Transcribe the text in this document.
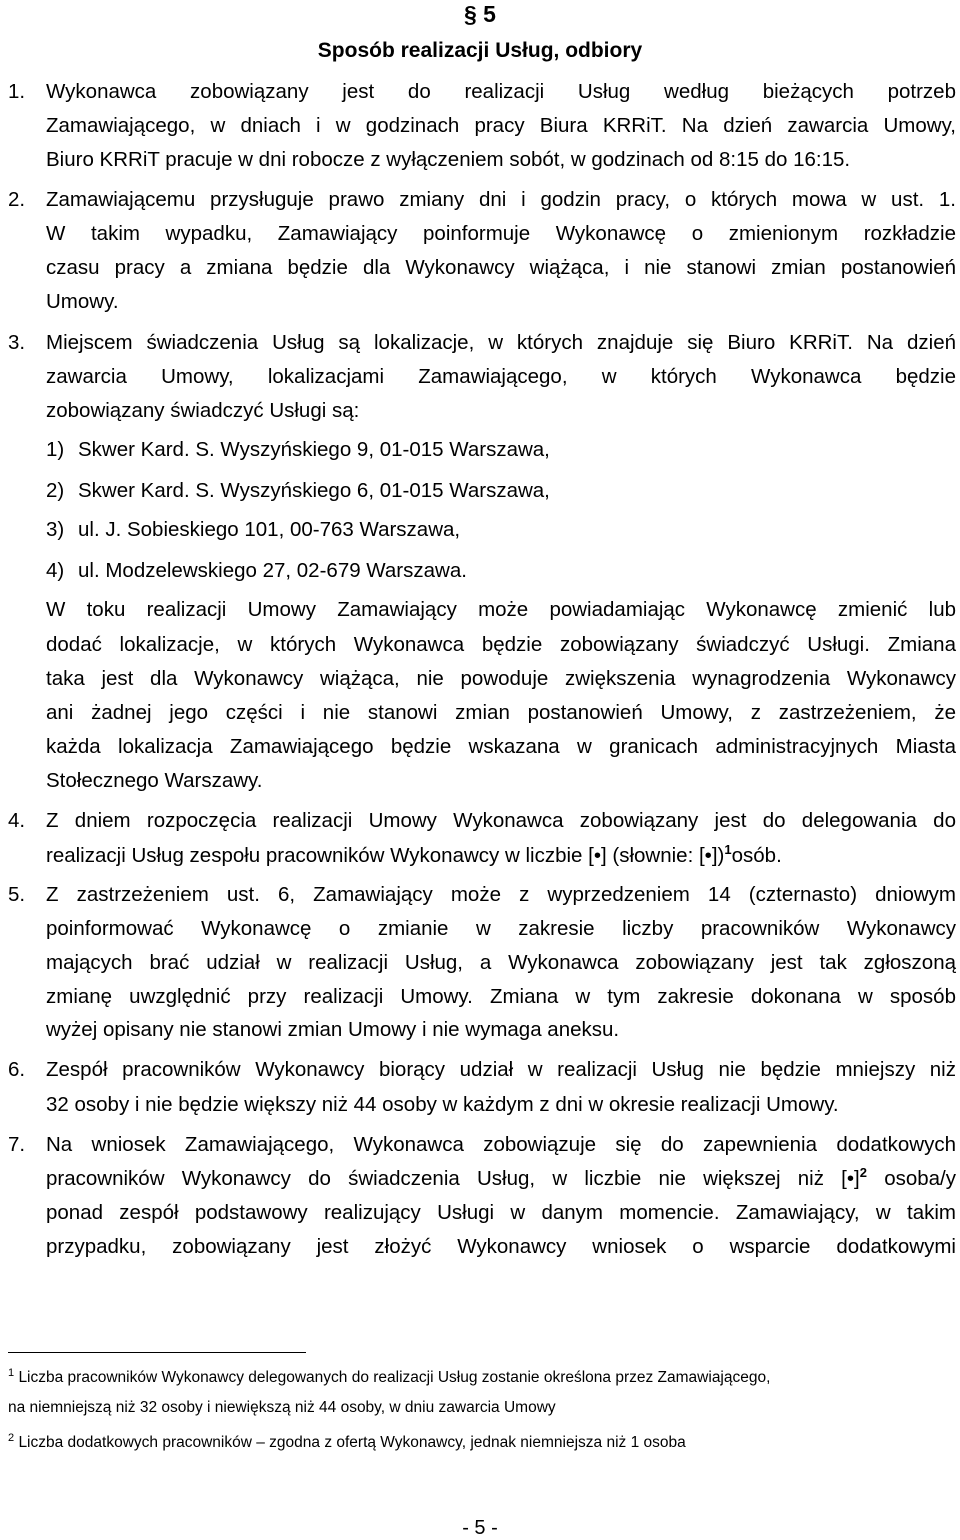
§ 5
Sposób realizacji Usług, odbiory
1. Wykonawca zobowiązany jest do realizacji Usług według bieżących potrzeb
Zamawiającego, w dniach i w godzinach pracy Biura KRRiT. Na dzień zawarcia Umowy,
Biuro KRRiT pracuje w dni robocze z wyłączeniem sobót, w godzinach od 8:15 do 16:15.
2. Zamawiającemu przysługuje prawo zmiany dni i godzin pracy, o których mowa w ust. 1.
W takim wypadku, Zamawiający poinformuje Wykonawcę o zmienionym rozkładzie
czasu pracy a zmiana będzie dla Wykonawcy wiążąca, i nie stanowi zmian postanowień
Umowy.
3. Miejscem świadczenia Usług są lokalizacje, w których znajduje się Biuro KRRiT. Na dzień
zawarcia Umowy, lokalizacjami Zamawiającego, w których Wykonawca będzie
zobowiązany świadczyć Usługi są:
1) Skwer Kard. S. Wyszyńskiego 9, 01-015 Warszawa,
2) Skwer Kard. S. Wyszyńskiego 6, 01-015 Warszawa,
3) ul. J. Sobieskiego 101, 00-763 Warszawa,
4) ul. Modzelewskiego 27, 02-679 Warszawa.
W toku realizacji Umowy Zamawiający może powiadamiając Wykonawcę zmienić lub
dodać lokalizacje, w których Wykonawca będzie zobowiązany świadczyć Usługi. Zmiana
taka jest dla Wykonawcy wiążąca, nie powoduje zwiększenia wynagrodzenia Wykonawcy
ani żadnej jego części i nie stanowi zmian postanowień Umowy, z zastrzeżeniem, że
każda lokalizacja Zamawiającego będzie wskazana w granicach administracyjnych Miasta
Stołecznego Warszawy.
4. Z dniem rozpoczęcia realizacji Umowy Wykonawca zobowiązany jest do delegowania do
realizacji Usług zespołu pracowników Wykonawcy w liczbie [•] (słownie: [•])$^1$osób.
5. Z zastrzeżeniem ust. 6, Zamawiający może z wyprzedzeniem 14 (czternasto) dniowym
poinformować Wykonawcę o zmianie w zakresie liczby pracowników Wykonawcy
mających brać udział w realizacji Usług, a Wykonawca zobowiązany jest tak zgłoszoną
zmianę uwzględnić przy realizacji Umowy. Zmiana w tym zakresie dokonana w sposób
wyżej opisany nie stanowi zmian Umowy i nie wymaga aneksu.
6. Zespół pracowników Wykonawcy biorący udział w realizacji Usług nie będzie mniejszy niż
32 osoby i nie będzie większy niż 44 osoby w każdym z dni w okresie realizacji Umowy.
7. Na wniosek Zamawiającego, Wykonawca zobowiązuje się do zapewnienia dodatkowych
pracowników Wykonawcy do świadczenia Usług, w liczbie nie większej niż [•]$^2$ osoba/y
ponad zespół podstawowy realizujący Usługi w danym momencie. Zamawiający, w takim
przypadku, zobowiązany jest złożyć Wykonawcy wniosek o wsparcie dodatkowymi
$^1$ Liczba pracowników Wykonawcy delegowanych do realizacji Usług zostanie określona przez Zamawiającego,
na niemniejszą niż 32 osoby i niewiększą niż 44 osoby, w dniu zawarcia Umowy
$^2$ Liczba dodatkowych pracowników – zgodna z ofertą Wykonawcy, jednak niemniejsza niż 1 osoba
- 5 -
